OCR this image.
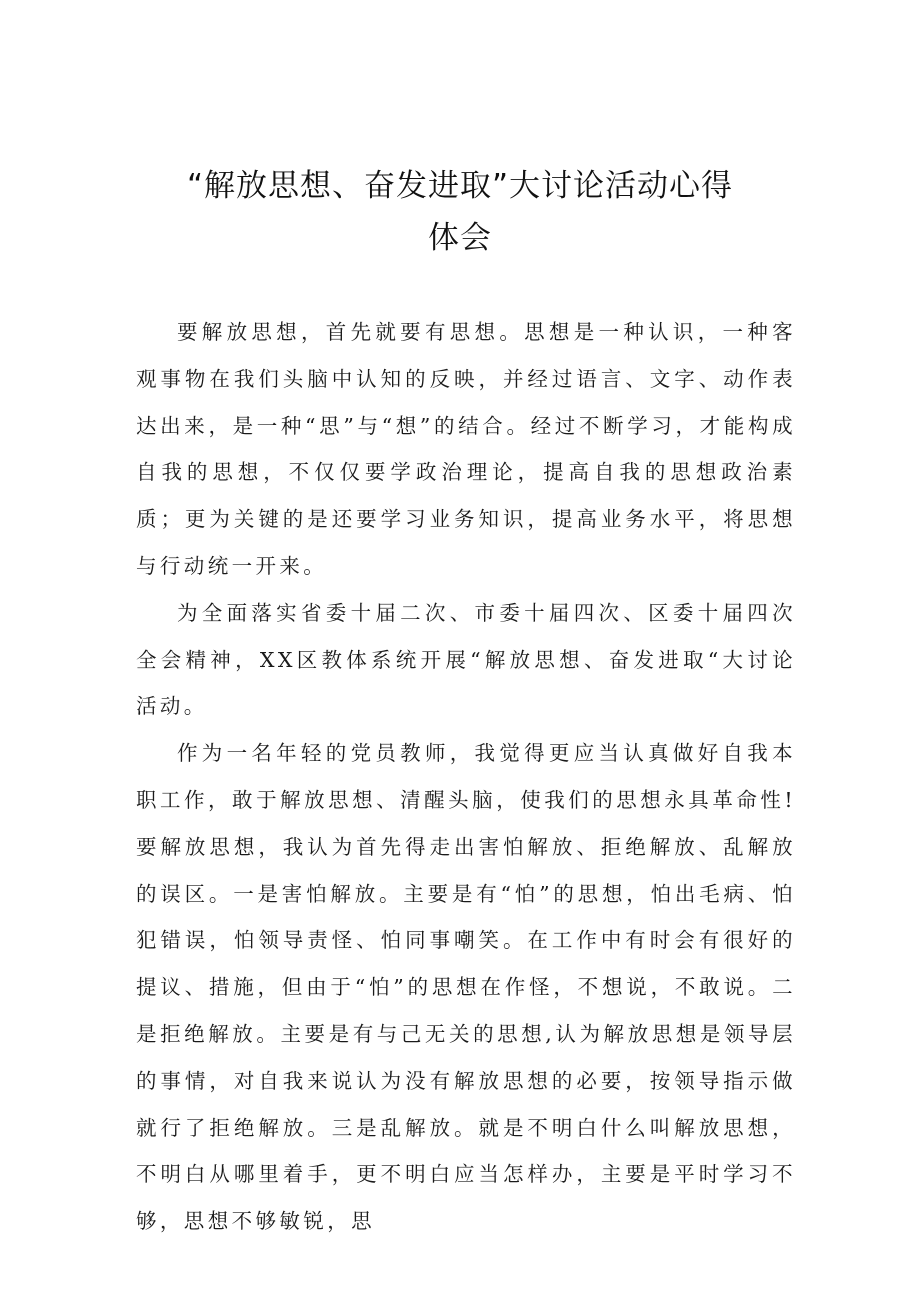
“解放思想、奋发进取”大讨论活动心得
体会

要解放思想，首先就要有思想。思想是一种认识，一种客观事物在我们头脑中认知的反映，并经过语言、文字、动作表达出来，是一种“思”与“想”的结合。经过不断学习，才能构成自我的思想，不仅仅要学政治理论，提高自我的思想政治素质；更为关键的是还要学习业务知识，提高业务水平，将思想与行动统一开来。

为全面落实省委十届二次、市委十届四次、区委十届四次全会精神，XX区教体系统开展“解放思想、奋发进取“大讨论活动。

作为一名年轻的党员教师，我觉得更应当认真做好自我本职工作，敢于解放思想、清醒头脑，使我们的思想永具革命性!要解放思想，我认为首先得走出害怕解放、拒绝解放、乱解放的误区。一是害怕解放。主要是有“怕”的思想，怕出毛病、怕犯错误，怕领导责怪、怕同事嘲笑。在工作中有时会有很好的提议、措施，但由于“怕”的思想在作怪，不想说，不敢说。二是拒绝解放。主要是有与己无关的思想,认为解放思想是领导层的事情，对自我来说认为没有解放思想的必要，按领导指示做就行了拒绝解放。三是乱解放。就是不明白什么叫解放思想，不明白从哪里着手，更不明白应当怎样办，主要是平时学习不够，思想不够敏锐，思
